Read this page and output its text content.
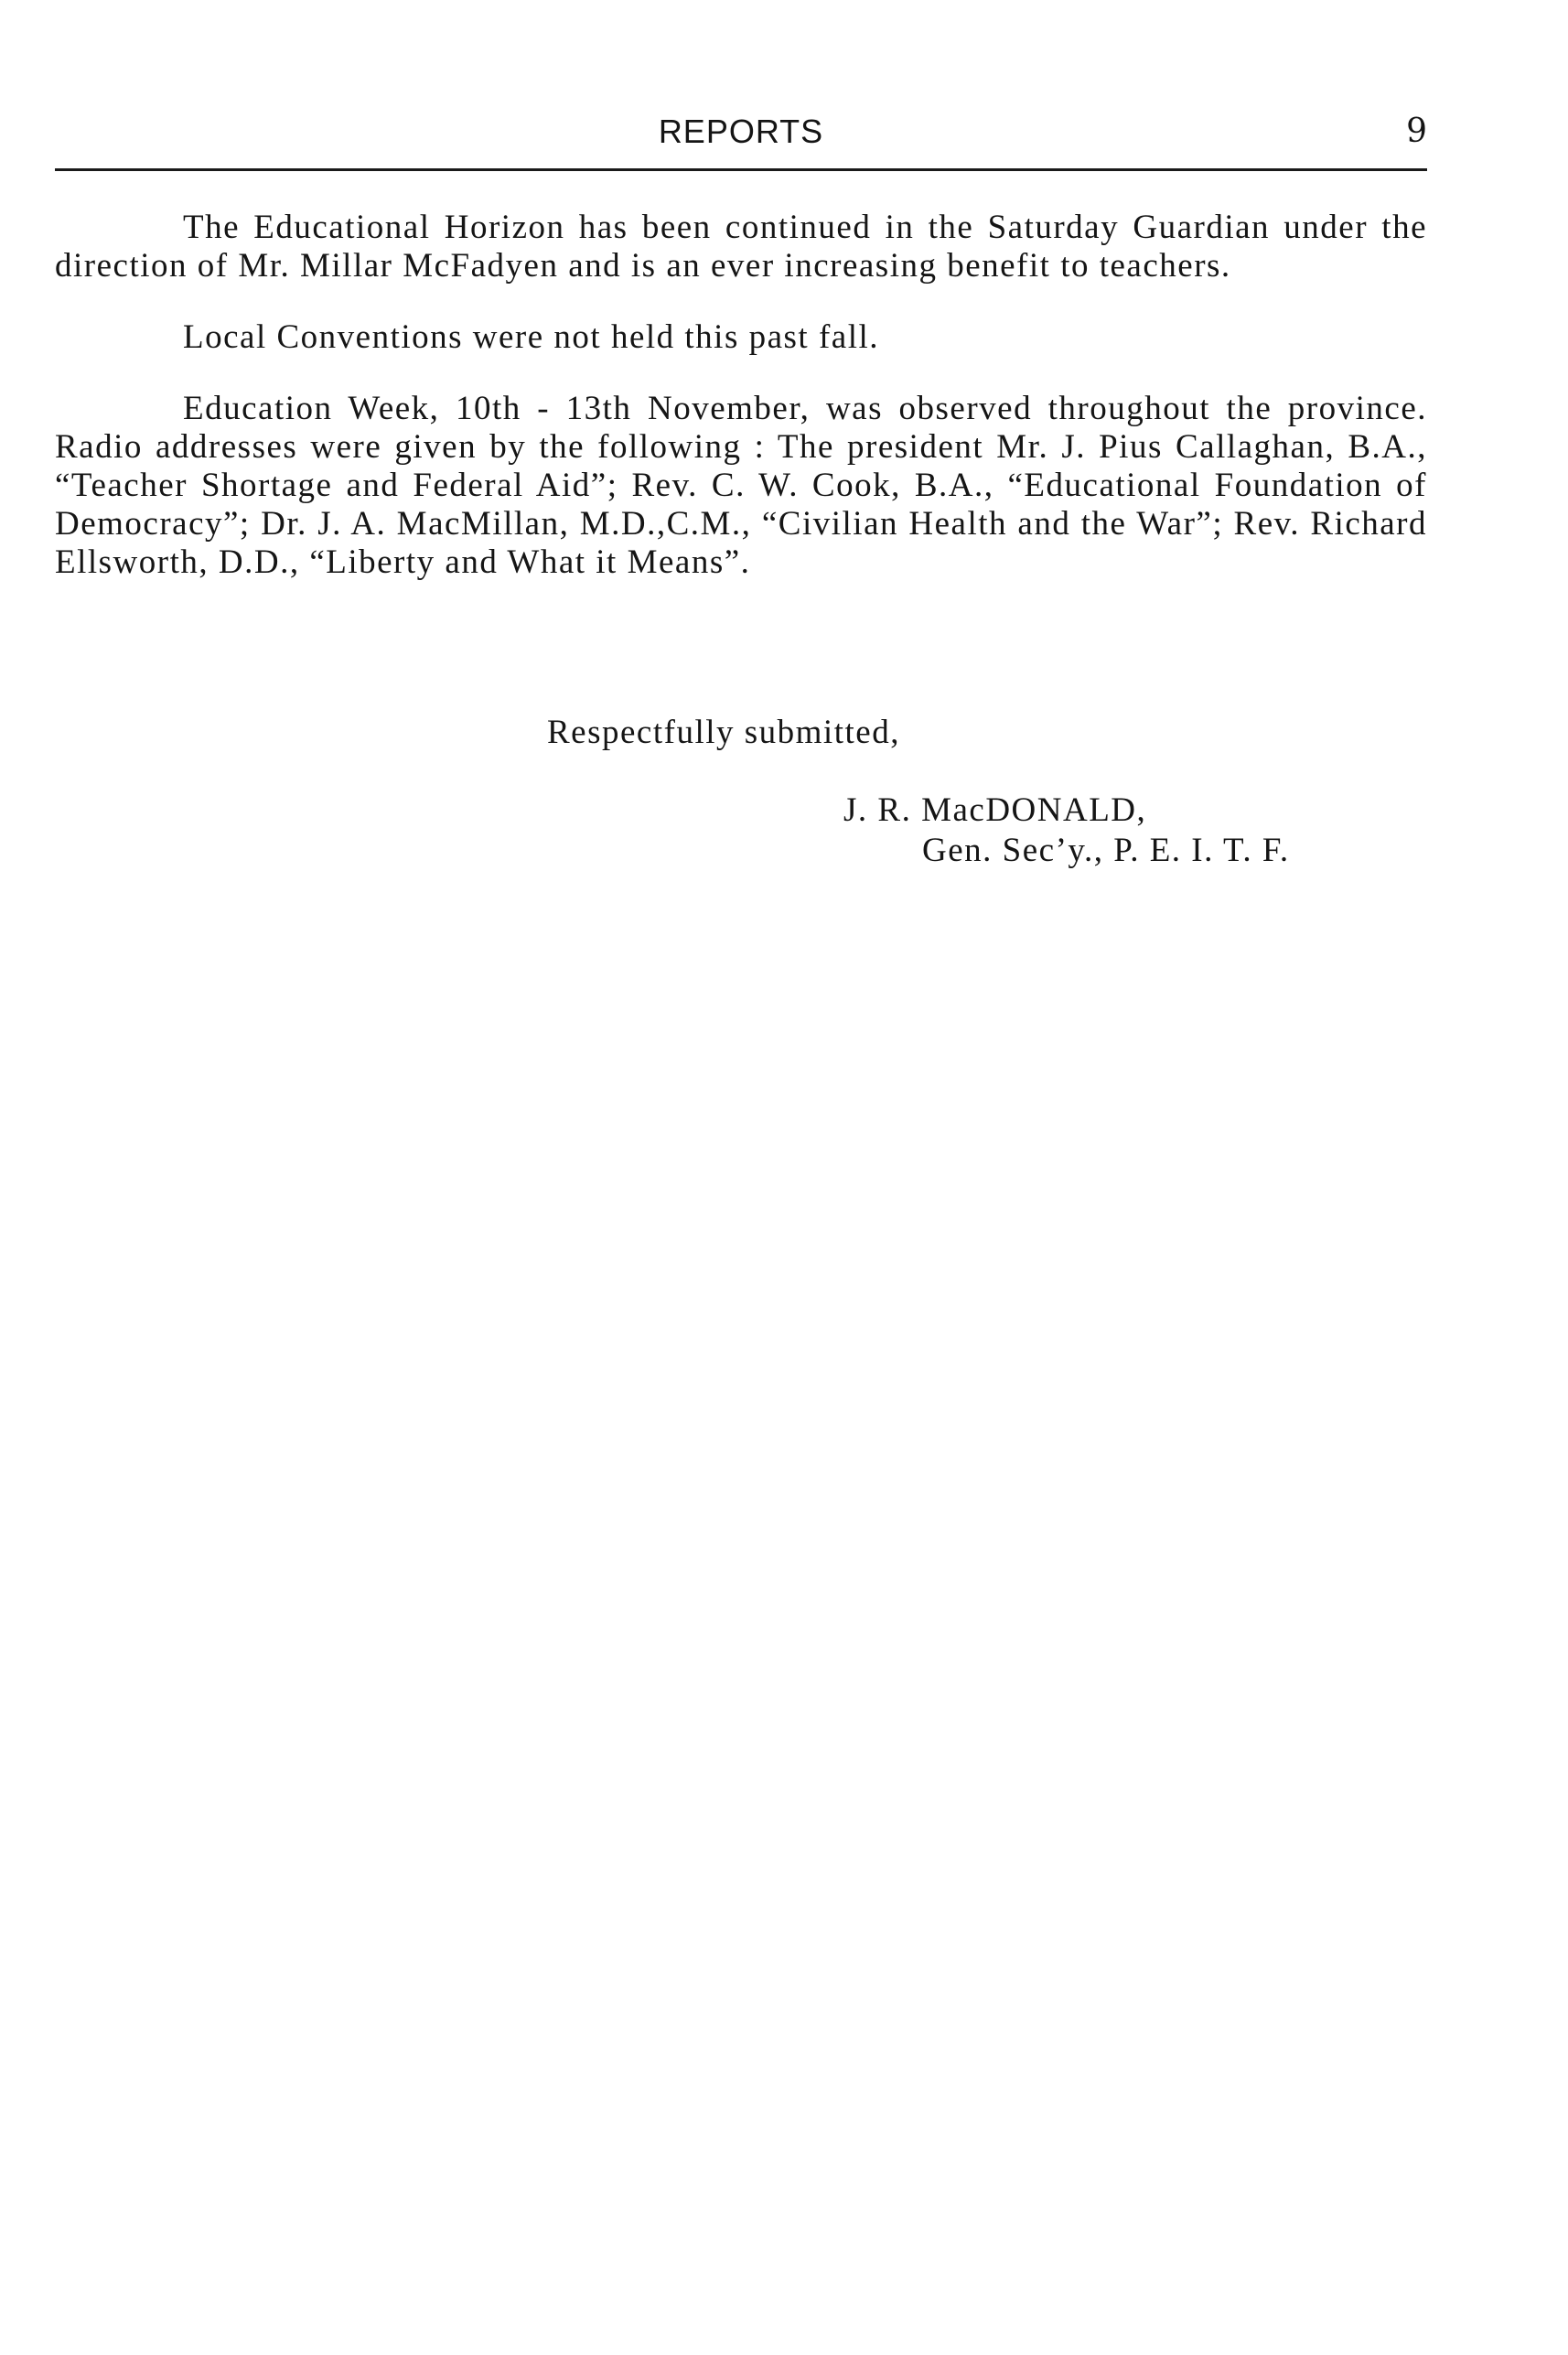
REPORTS	9

The Educational Horizon has been continued in the Saturday Guardian under the direction of Mr. Millar McFadyen and is an ever increasing benefit to teachers.

Local Conventions were not held this past fall.

Education Week, 10th - 13th November, was observed throughout the province. Radio addresses were given by the following : The president Mr. J. Pius Callaghan, B.A., “Teacher Shortage and Federal Aid”; Rev. C. W. Cook, B.A., “Educational Foundation of Democracy”; Dr. J. A. MacMillan, M.D.,C.M., “Civilian Health and the War”; Rev. Richard Ellsworth, D.D., “Liberty and What it Means”.

Respectfully submitted,
J. R. MacDONALD,
Gen. Sec’y., P. E. I. T. F.
